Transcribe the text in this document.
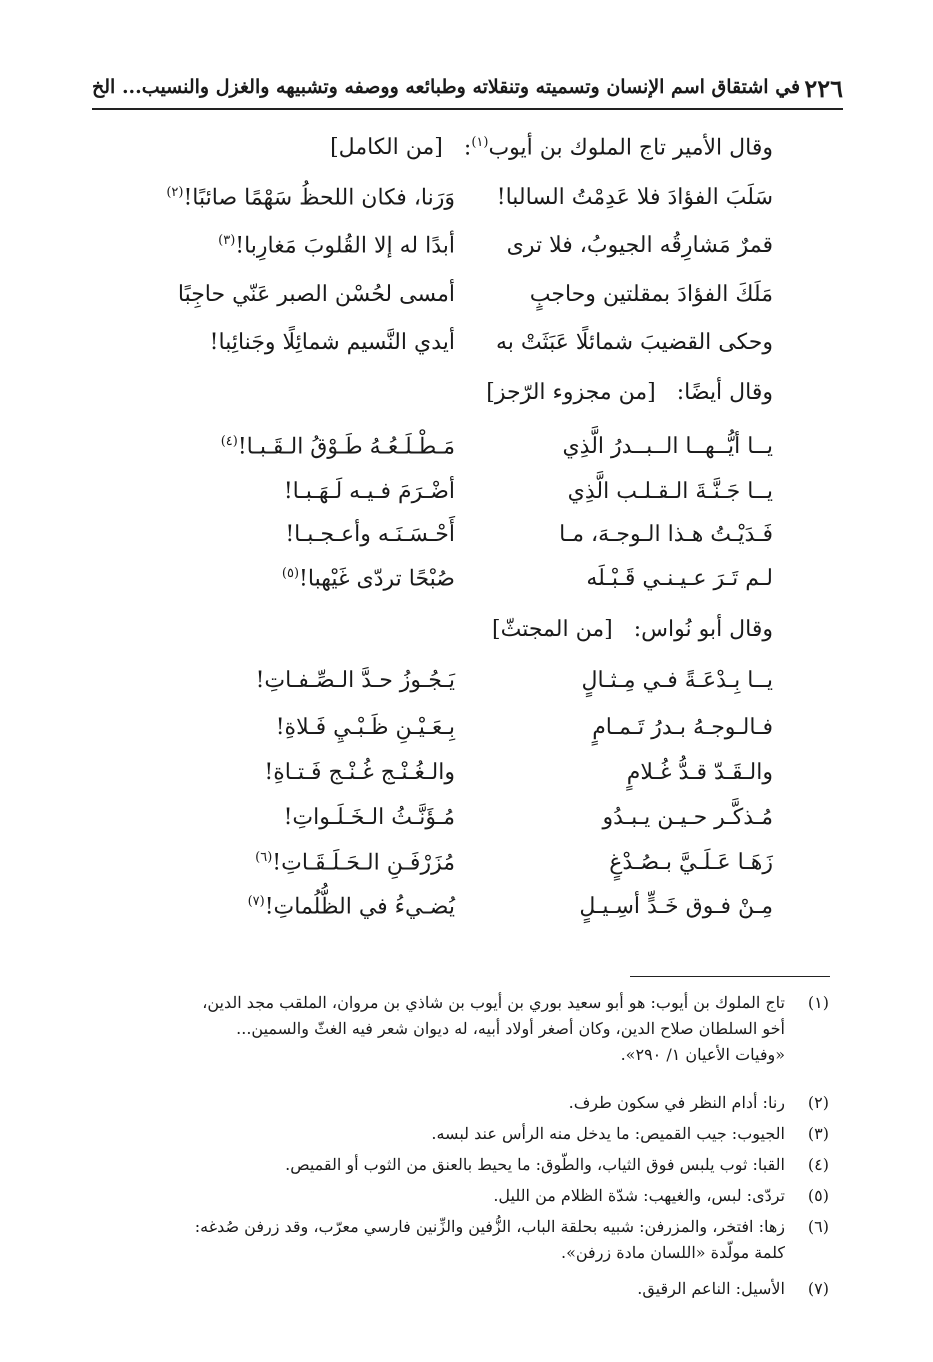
٢٢٦
في اشتقاق اسم الإنسان وتسميته وتنقلاته وطبائعه ووصفه وتشبيهه والغزل والنسيب... الخ
وقال الأمير تاج الملوك بن أيوب$^{(١)}$: [من الكامل]
سَلَبَ الفؤادَ فلا عَدِمْتُ السالبا!
وَرَنا، فكان اللحظُ سَهْمًا صائبًا!$^{(٢)}$
قمرٌ مَشارِقُه الجيوبُ، فلا ترى
أبدًا له إلا القُلوبَ مَغارِبا!$^{(٣)}$
مَلَكَ الفؤادَ بمقلتين وحاجبٍ
أمسى لحُسْن الصبر عَنّي حاجِبًا
وحكى القضيبَ شمائلًا عَبَثَتْ به
أيدي النَّسيم شمائِلًا وجَنائِبا!
وقال أيضًا: [من مجزوء الرّجز]
يــا أيُّــهــا الــبــدرُ الَّذِي
مَـطْـلَـعُـهُ طَـوْقُ الـقَـبـا!$^{(٤)}$
يــا جَـنَّـةَ الـقـلـب الَّذِي
أضْـرَمَ فـيـه لَـهَـبـا!
فَـدَيْـتُ هـذا الـوجـهَ، مـا
أَحْـسَـنَـه وأعـجـبـا!
لـم تَـرَ عـيـنـي قَـبْـلَه
صُبْحًا تردّى غَيْهبا!$^{(٥)}$
وقال أبو نُواس: [من المجتثّ]
يــا بِـدْعَـةً فـي مِـثـالٍ
يَـجُـوزُ حـدَّ الـصِّـفـاتِ!
فـالـوجـهُ بـدرُ تَـمـامٍ
بِـعَـيْـنِ ظَـبْـيِ فَـلاةِ!
والـقَـدّ قـدُّ غُـلامٍ
والـغُـنْـج غُـنْـج فَـتـاةِ!
مُـذكَّـر حـيـن يـبـدُو
مُـؤَنَّـثُ الـخَـلَـواتِ!
زَهَـا عَـلَـيَّ بـصُـدْغٍ
مُزَرْفَـنِ الـحَـلَـقَـاتِ!$^{(٦)}$
مِـنْ فـوق خَـدٍّ أسِـيـلٍ
يُضـيءُ في الظُّلُماتِ!$^{(٧)}$
(١)
تاج الملوك بن أيوب: هو أبو سعيد بوري بن أيوب بن شاذي بن مروان، الملقب مجد الدين،
أخو السلطان صلاح الدين، وكان أصغر أولاد أبيه، له ديوان شعر فيه الغثّ والسمين...
«وفيات الأعيان ١/ ٢٩٠».
(٢)
رنا: أدام النظر في سكون طرف.
(٣)
الجيوب: جيب القميص: ما يدخل منه الرأس عند لبسه.
(٤)
القبا: ثوب يلبس فوق الثياب، والطّوق: ما يحيط بالعنق من الثوب أو القميص.
(٥)
تردّى: لبس، والغيهب: شدّة الظلام من الليل.
(٦)
زها: افتخر، والمزرفن: شبيه بحلقة الباب، الزُّفين والزِّنين فارسي معرّب، وقد زرفن صُدغه:
كلمة مولّدة «اللسان مادة زرفن».
(٧)
الأسيل: الناعم الرقيق.
